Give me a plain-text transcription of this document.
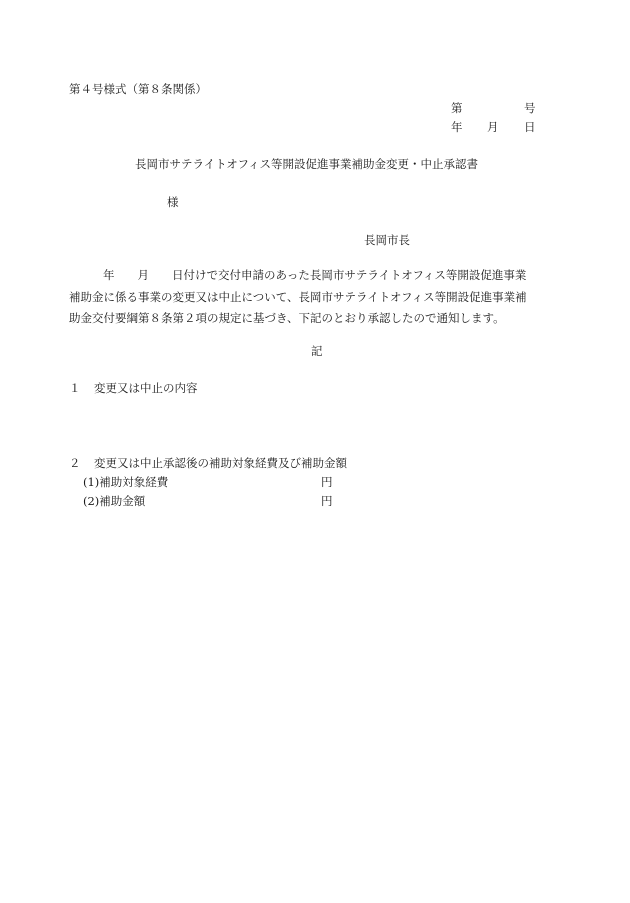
第４号様式（第８条関係）
第	号
年 月 日
長岡市サテライトオフィス等開設促進事業補助金変更・中止承認書
様
長岡市長
年　　月　　日付けで交付申請のあった長岡市サテライトオフィス等開設促進事業
補助金に係る事業の変更又は中止について、長岡市サテライトオフィス等開設促進事業補
助金交付要綱第８条第２項の規定に基づき、下記のとおり承認したので通知します。
記
１ 変更又は中止の内容
２ 変更又は中止承認後の補助対象経費及び補助金額
(1)補助対象経費	円
(2)補助金額	円
